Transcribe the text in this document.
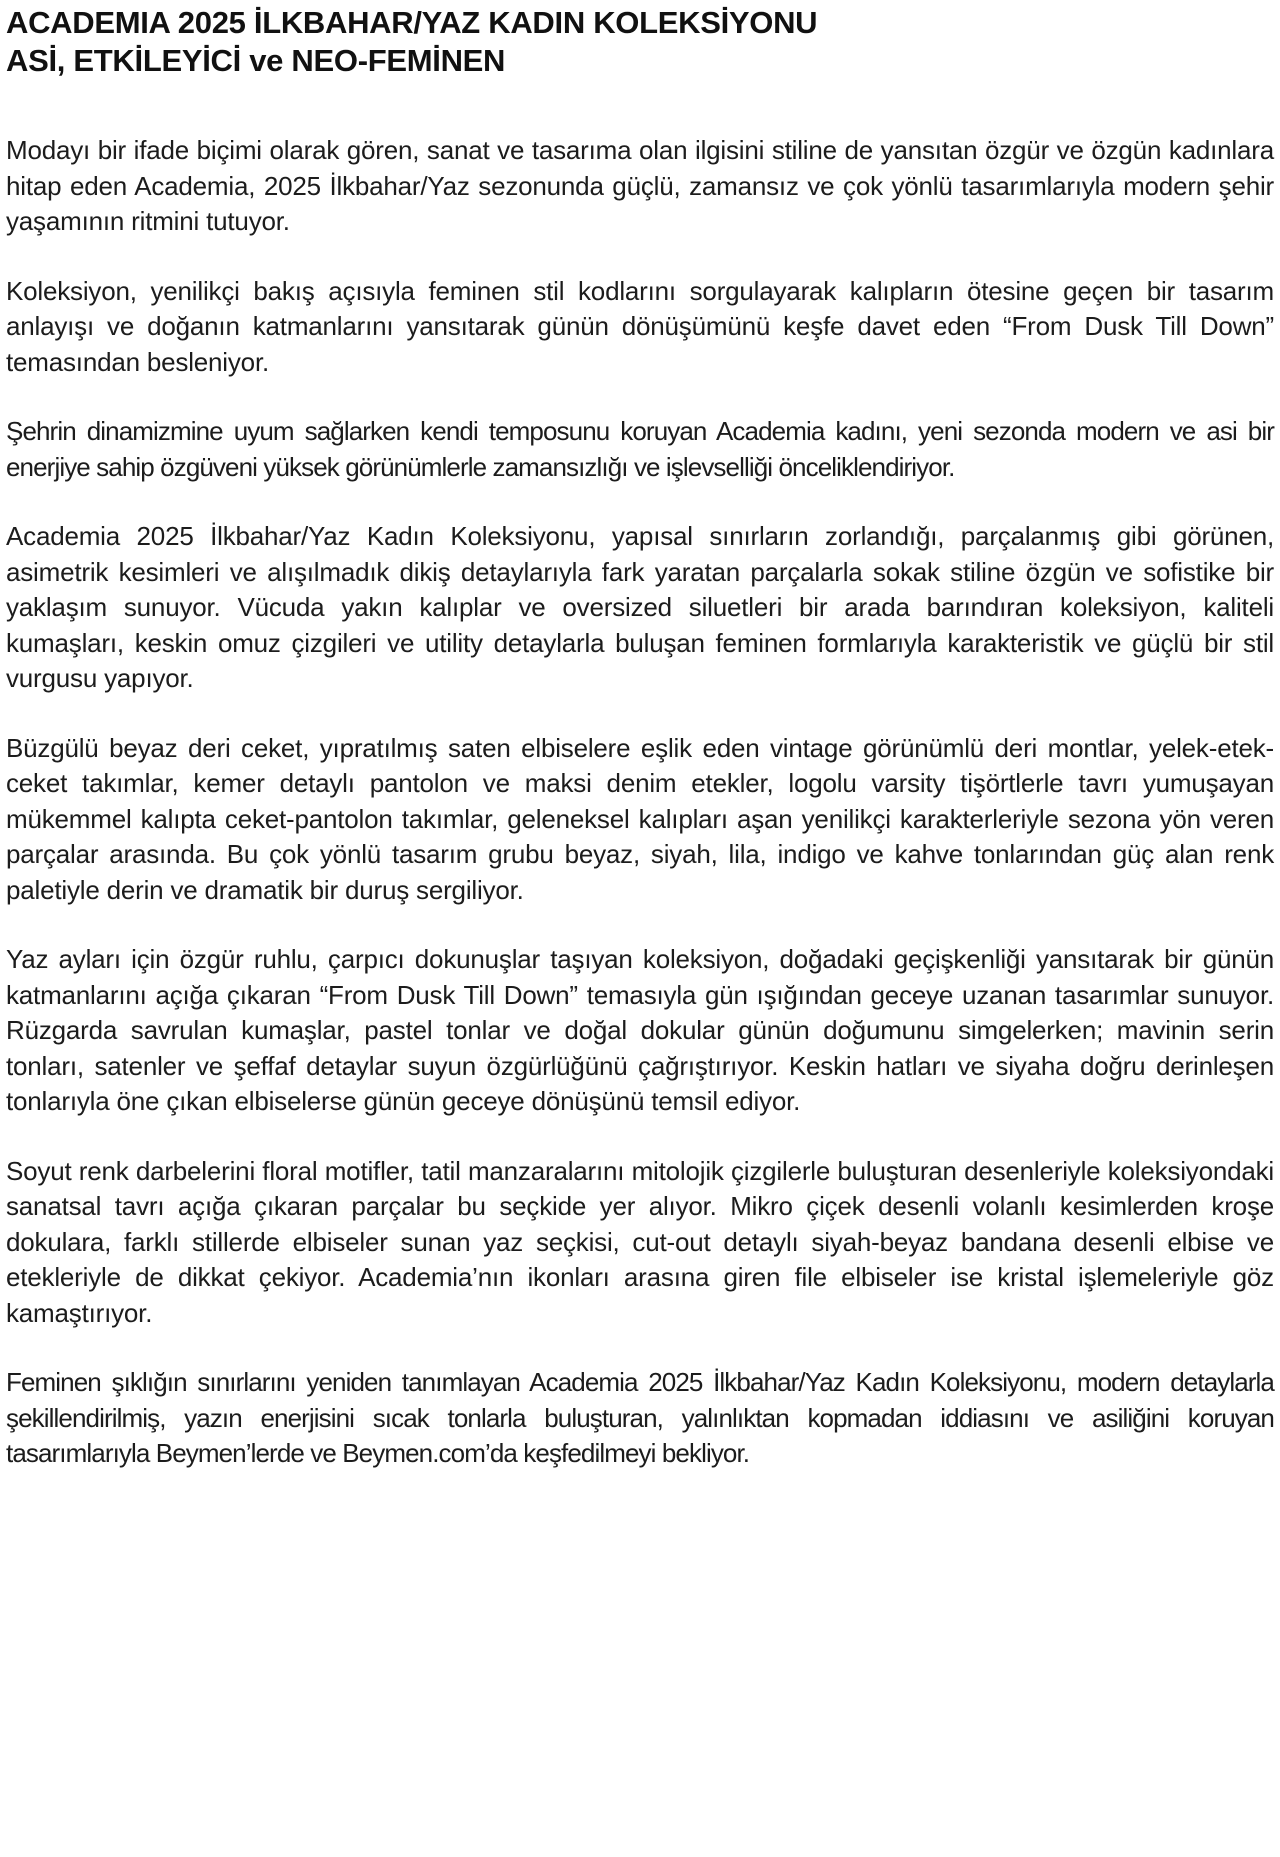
ACADEMIA 2025 İLKBAHAR/YAZ KADIN KOLEKSİYONU
ASİ, ETKİLEYİCİ ve NEO-FEMİNEN

Modayı bir ifade biçimi olarak gören, sanat ve tasarıma olan ilgisini stiline de yansıtan özgür ve özgün kadınlara hitap eden Academia, 2025 İlkbahar/Yaz sezonunda güçlü, zamansız ve çok yönlü tasarımlarıyla modern şehir yaşamının ritmini tutuyor.

Koleksiyon, yenilikçi bakış açısıyla feminen stil kodlarını sorgulayarak kalıpların ötesine geçen bir tasarım anlayışı ve doğanın katmanlarını yansıtarak günün dönüşümünü keşfe davet eden “From Dusk Till Down” temasından besleniyor.

Şehrin dinamizmine uyum sağlarken kendi temposunu koruyan Academia kadını, yeni sezonda modern ve asi bir enerjiye sahip özgüveni yüksek görünümlerle zamansızlığı ve işlevselliği önceliklendiriyor.

Academia 2025 İlkbahar/Yaz Kadın Koleksiyonu, yapısal sınırların zorlandığı, parçalanmış gibi görünen, asimetrik kesimleri ve alışılmadık dikiş detaylarıyla fark yaratan parçalarla sokak stiline özgün ve sofistike bir yaklaşım sunuyor. Vücuda yakın kalıplar ve oversized siluetleri bir arada barındıran koleksiyon, kaliteli kumaşları, keskin omuz çizgileri ve utility detaylarla buluşan feminen formlarıyla karakteristik ve güçlü bir stil vurgusu yapıyor.

Büzgülü beyaz deri ceket, yıpratılmış saten elbiselere eşlik eden vintage görünümlü deri montlar, yelek-etek-ceket takımlar, kemer detaylı pantolon ve maksi denim etekler, logolu varsity tişörtlerle tavrı yumuşayan mükemmel kalıpta ceket-pantolon takımlar, geleneksel kalıpları aşan yenilikçi karakterleriyle sezona yön veren parçalar arasında. Bu çok yönlü tasarım grubu beyaz, siyah, lila, indigo ve kahve tonlarından güç alan renk paletiyle derin ve dramatik bir duruş sergiliyor.

Yaz ayları için özgür ruhlu, çarpıcı dokunuşlar taşıyan koleksiyon, doğadaki geçişkenliği yansıtarak bir günün katmanlarını açığa çıkaran “From Dusk Till Down” temasıyla gün ışığından geceye uzanan tasarımlar sunuyor. Rüzgarda savrulan kumaşlar, pastel tonlar ve doğal dokular günün doğumunu simgelerken; mavinin serin tonları, satenler ve şeffaf detaylar suyun özgürlüğünü çağrıştırıyor. Keskin hatları ve siyaha doğru derinleşen tonlarıyla öne çıkan elbiselerse günün geceye dönüşünü temsil ediyor.

Soyut renk darbelerini floral motifler, tatil manzaralarını mitolojik çizgilerle buluşturan desenleriyle koleksiyondaki sanatsal tavrı açığa çıkaran parçalar bu seçkide yer alıyor. Mikro çiçek desenli volanlı kesimlerden kroşe dokulara, farklı stillerde elbiseler sunan yaz seçkisi, cut-out detaylı siyah-beyaz bandana desenli elbise ve etekleriyle de dikkat çekiyor. Academia’nın ikonları arasına giren file elbiseler ise kristal işlemeleriyle göz kamaştırıyor.

Feminen şıklığın sınırlarını yeniden tanımlayan Academia 2025 İlkbahar/Yaz Kadın Koleksiyonu, modern detaylarla şekillendirilmiş, yazın enerjisini sıcak tonlarla buluşturan, yalınlıktan kopmadan iddiasını ve asiliğini koruyan tasarımlarıyla Beymen’lerde ve Beymen.com’da keşfedilmeyi bekliyor.
